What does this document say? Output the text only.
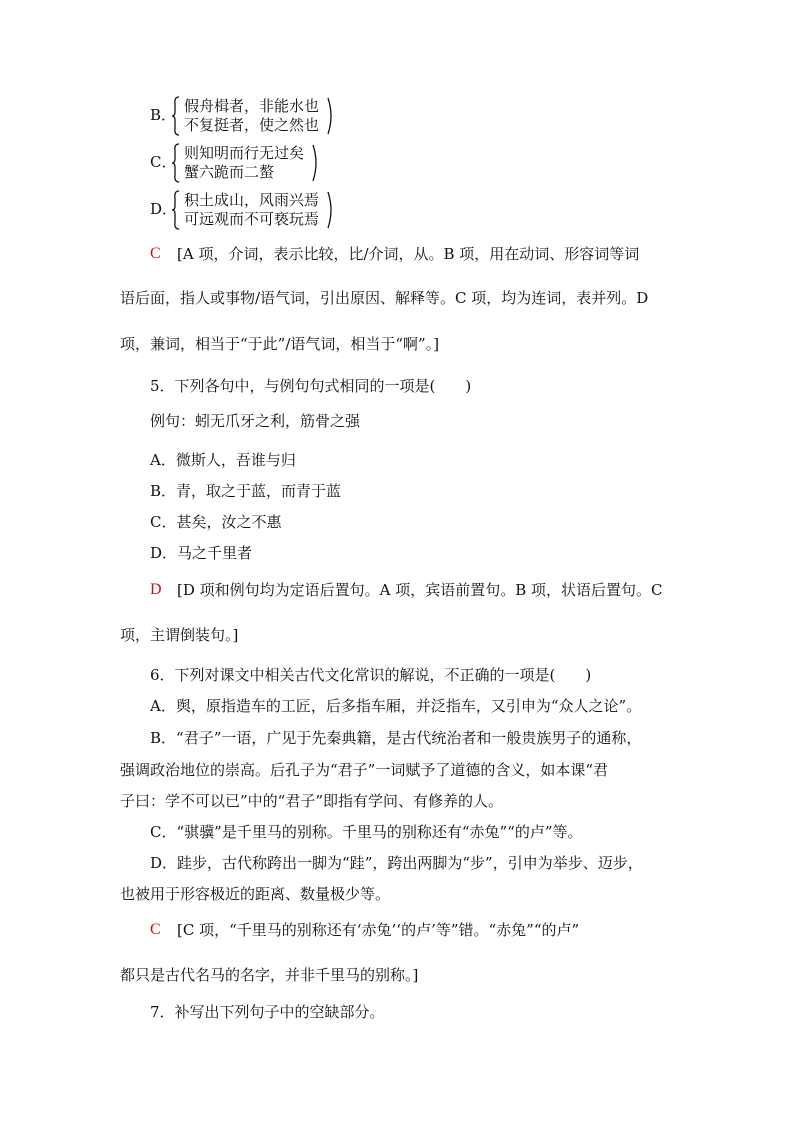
B． 假舟楫者，非能水也
不复挺者，使之然也
C． 则知明而行无过矣
蟹六跪而二螯
D． 积土成山，风雨兴焉
可远观而不可亵玩焉
C [A 项，介词，表示比较，比/介词，从。B 项，用在动词、形容词等词
语后面，指人或事物/语气词，引出原因、解释等。C 项，均为连词，表并列。D
项，兼词，相当于“于此”/语气词，相当于“啊”。]
5．下列各句中，与例句句式相同的一项是(　　)
例句：蚓无爪牙之利，筋骨之强
A．微斯人，吾谁与归
B．青，取之于蓝，而青于蓝
C．甚矣，汝之不惠
D．马之千里者
D [D 项和例句均为定语后置句。A 项，宾语前置句。B 项，状语后置句。C
项，主谓倒装句。]
6．下列对课文中相关古代文化常识的解说，不正确的一项是(　　)
A．舆，原指造车的工匠，后多指车厢，并泛指车，又引申为“众人之论”。
B．“君子”一语，广见于先秦典籍，是古代统治者和一般贵族男子的通称，
强调政治地位的崇高。后孔子为“君子”一词赋予了道德的含义，如本课“君
子曰：学不可以已”中的“君子”即指有学问、有修养的人。
C．“骐骥”是千里马的别称。千里马的别称还有“赤兔”“的卢”等。
D．跬步，古代称跨出一脚为“跬”，跨出两脚为“步”，引申为举步、迈步，
也被用于形容极近的距离、数量极少等。
C [C 项，“千里马的别称还有‘赤兔’‘的卢’等”错。“赤兔”“的卢”
都只是古代名马的名字，并非千里马的别称。]
7．补写出下列句子中的空缺部分。
